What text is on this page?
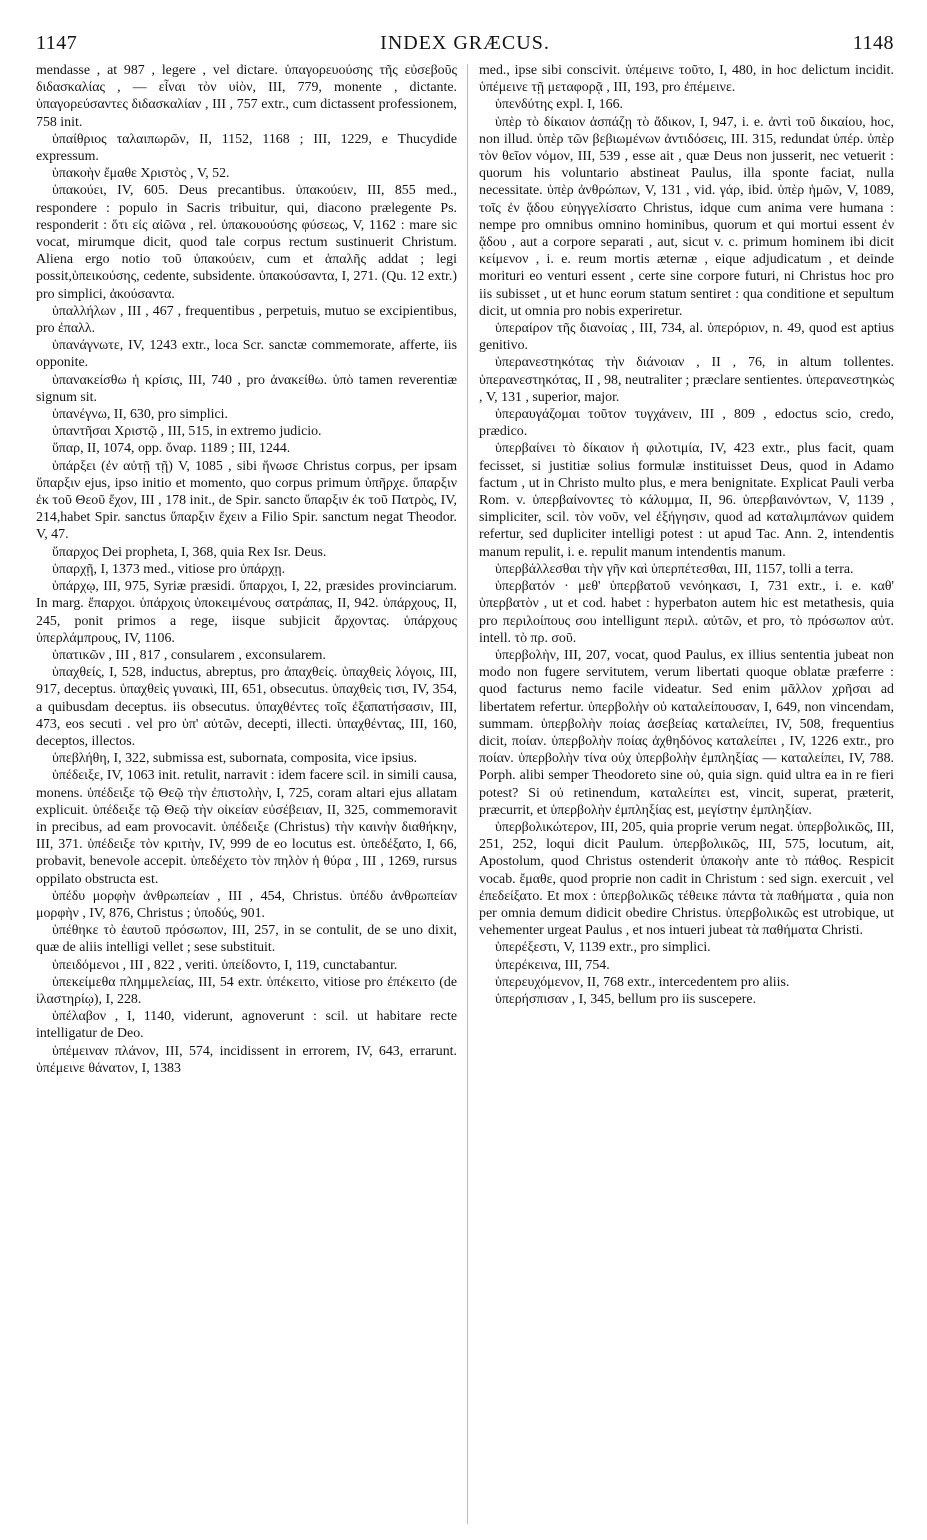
1147	INDEX GRÆCUS.	1148

mendasse , at 987 , legere , vel dictare. ὑπαγορευούσης τῆς εὐσεβοῦς διδασκαλίας , — εἶναι τὸν υἱὸν, III, 779, monente , dictante. ὑπαγορεύσαντες διδασκαλίαν , III , 757 extr., cum dictassent professionem, 758 init.

ὑπαίθριος ταλαιπωρῶν, II, 1152, 1168 ; III, 1229, e Thucydide expressum.

ὑπακοὴν ἔμαθε Χριστὸς , V, 52.

ὑπακούει, IV, 605. Deus precantibus. ὑπακούειν, III, 855 med., respondere : populo in Sacris tribuitur, qui, diacono prælegente Ps. responderit : ὅτι εἰς αἰῶνα , rel. ὑπακουούσης φύσεως, V, 1162 : mare sic vocat, mirumque dicit, quod tale corpus rectum sustinuerit Christum. Aliena ergo notio τοῦ ὑπακούειν, cum et ἁπαλῆς addat ; legi possit,ὑπεικούσης, cedente, subsidente. ὑπακούσαντα, I, 271. (Qu. 12 extr.) pro simplici, ἀκούσαντα.

ὑπαλλήλων , III , 467 , frequentibus , perpetuis, mutuo se excipientibus, pro ἐπαλλ.

ὑπανάγνωτε, IV, 1243 extr., loca Scr. sanctæ commemorate, afferte, iis opponite.

ὑπανακείσθω ἡ κρίσις, III, 740 , pro ἀνακείθω. ὑπὸ tamen reverentiæ signum sit.

ὑπανέγνω, II, 630, pro simplici.

ὑπαντῆσαι Χριστῷ , III, 515, in extremo judicio.

ὕπαρ, II, 1074, opp. ὄναρ. 1189 ; III, 1244.

ὑπάρξει (ἐν αὐτῇ τῇ) V, 1085 , sibi ἥνωσε Christus corpus, per ipsam ὕπαρξιν ejus, ipso initio et momento, quo corpus primum ὑπῆρχε. ὕπαρξιν ἐκ τοῦ Θεοῦ ἔχον, III , 178 init., de Spir. sancto ὕπαρξιν ἐκ τοῦ Πατρὸς, IV, 214,habet Spir. sanctus ὕπαρξιν ἔχειν a Filio Spir. sanctum negat Theodor. V, 47.

ὕπαρχος Dei propheta, I, 368, quia Rex Isr. Deus.

ὑπαρχῇ, I, 1373 med., vitiose pro ὑπάρχῃ.

ὑπάρχῳ, III, 975, Syriæ præsidi. ὕπαρχοι, I, 22, præsides provinciarum. In marg. ἔπαρχοι. ὑπάρχοις ὑποκειμένους σατράπας, II, 942. ὑπάρχους, II, 245, ponit primos a rege, iisque subjicit ἄρχοντας. ὑπάρχους ὑπερλάμπρους, IV, 1106.

ὑπατικῶν , III , 817 , consularem , exconsularem.

ὑπαχθείς, I, 528, inductus, abreptus, pro ἀπαχθείς. ὑπαχθεὶς λόγοις, III, 917, deceptus. ὑπαχθεὶς γυναικὶ, III, 651, obsecutus. ὑπαχθεὶς τισι, IV, 354, a quibusdam deceptus. iis obsecutus. ὑπαχθέντες τοῖς ἐξαπατήσασιν, III, 473, eos secuti . vel pro ὑπ' αὐτῶν, decepti, illecti. ὑπαχθέντας, III, 160, deceptos, illectos.

ὑπεβλήθη, I, 322, submissa est, subornata, composita, vice ipsius.

ὑπέδειξε, IV, 1063 init. retulit, narravit : idem facere scil. in simili causa, monens. ὑπέδειξε τῷ Θεῷ τὴν ἐπιστολὴν, I, 725, coram altari ejus allatam explicuit. ὑπέδειξε τῷ Θεῷ τὴν οἰκείαν εὐσέβειαν, II, 325, commemoravit in precibus, ad eam provocavit. ὑπέδειξε (Christus) τὴν καινὴν διαθήκην, III, 371. ὑπέδειξε τὸν κριτὴν, IV, 999 de eo locutus est. ὑπεδέξατο, I, 66, probavit, benevole accepit. ὑπεδέχετο τὸν πηλὸν ἡ θύρα , III , 1269, rursus oppilato obstructa est.

ὑπέδυ μορφὴν ἀνθρωπείαν , III , 454, Christus. ὑπέδυ ἀνθρωπείαν μορφὴν , IV, 876, Christus ; ὑποδύς, 901.

ὑπέθηκε τὸ ἑαυτοῦ πρόσωπον, III, 257, in se contulit, de se uno dixit, quæ de aliis intelligi vellet ; sese substituit.

ὑπειδόμενοι , III , 822 , veriti. ὑπείδοντο, I, 119, cunctabantur.

ὑπεκείμεθα πλημμελείας, III, 54 extr. ὑπέκειτο, vitiose pro ἐπέκειτο (de ἱλαστηρίῳ), I, 228.

ὑπέλαβον , I, 1140, viderunt, agnoverunt : scil. ut habitare recte intelligatur de Deo.

ὑπέμειναν πλάνον, III, 574, incidissent in errorem, IV, 643, errarunt. ὑπέμεινε θάνατον, I, 1383

med., ipse sibi conscivit. ὑπέμεινε τοῦτο, I, 480, in hoc delictum incidit. ὑπέμεινε τῇ μεταφορᾷ , III, 193, pro ἐπέμεινε.

ὑπενδύτης expl. I, 166.

ὑπὲρ τὸ δίκαιον ἀσπάζῃ τὸ ἄδικον, I, 947, i. e. ἀντὶ τοῦ δικαίου, hoc, non illud. ὑπὲρ τῶν βεβιωμένων ἀντιδόσεις, III. 315, redundat ὑπέρ. ὑπὲρ τὸν θεῖον νόμον, III, 539 , esse ait , quæ Deus non jusserit, nec vetuerit : quorum his voluntario abstineat Paulus, illa sponte faciat, nulla necessitate. ὑπὲρ ἀνθρώπων, V, 131 , vid. γάρ, ibid. ὑπὲρ ἡμῶν, V, 1089, τοῖς ἐν ᾅδου εὐηγγελίσατο Christus, idque cum anima vere humana : nempe pro omnibus omnino hominibus, quorum et qui mortui essent ἐν ᾅδου , aut a corpore separati , aut, sicut v. c. primum hominem ibi dicit κείμενον , i. e. reum mortis æternæ , eique adjudicatum , et deinde morituri eo venturi essent , certe sine corpore futuri, ni Christus hoc pro iis subisset , ut et hunc eorum statum sentiret : qua conditione et sepultum dicit, ut omnia pro nobis experiretur.

ὑπεραίρον τῆς διανοίας , III, 734, al. ὑπερόριον, n. 49, quod est aptius genitivo.

ὑπερανεστηκότας τὴν διάνοιαν , II , 76, in altum tollentes. ὑπερανεστηκότας, II , 98, neutraliter ; præclare sentientes. ὑπερανεστηκὼς , V, 131 , superior, major.

ὑπεραυγάζομαι τοῦτον τυγχάνειν, III , 809 , edoctus scio, credo, prædico.

ὑπερβαίνει τὸ δίκαιον ἡ φιλοτιμία, IV, 423 extr., plus facit, quam fecisset, si justitiæ solius formulæ instituisset Deus, quod in Adamo factum , ut in Christo multo plus, e mera benignitate. Explicat Pauli verba Rom. v. ὑπερβαίνοντες τὸ κάλυμμα, II, 96. ὑπερβαινόντων, V, 1139 , simpliciter, scil. τὸν νοῦν, vel ἐξήγησιν, quod ad καταλιμπάνων quidem refertur, sed dupliciter intelligi potest : ut apud Tac. Ann. 2, intendentis manum repulit, i. e. repulit manum intendentis manum.

ὑπερβάλλεσθαι τὴν γῆν καὶ ὑπερπέτεσθαι, III, 1157, tolli a terra.

ὑπερβατόν · μεθ' ὑπερβατοῦ νενόηκασι, I, 731 extr., i. e. καθ' ὑπερβατὸν , ut et cod. habet : hyperbaton autem hic est metathesis, quia pro περιλοίπους σου intelligunt περιλ. αὐτῶν, et pro, τὸ πρόσωπον αὐτ. intell. τὸ πρ. σοῦ.

ὑπερβολὴν, III, 207, vocat, quod Paulus, ex illius sententia jubeat non modo non fugere servitutem, verum libertati quoque oblatæ præferre : quod facturus nemo facile videatur. Sed enim μᾶλλον χρῆσαι ad libertatem refertur. ὑπερβολὴν οὐ καταλείπουσαν, I, 649, non vincendam, summam. ὑπερβολὴν ποίας ἀσεβείας καταλείπει, IV, 508, frequentius dicit, ποίαν. ὑπερβολὴν ποίας ἀχθηδόνος καταλείπει , IV, 1226 extr., pro ποίαν. ὑπερβολὴν τίνα οὐχ ὑπερβολὴν ἐμπληξίας — καταλείπει, IV, 788. Porph. alibi semper Theodoreto sine οὐ, quia sign. quid ultra ea in re fieri potest? Si οὐ retinendum, καταλείπει est, vincit, superat, præterit, præcurrit, et ὑπερβολὴν ἐμπληξίας est, μεγίστην ἐμπληξίαν.

ὑπερβολικώτερον, III, 205, quia proprie verum negat. ὑπερβολικῶς, III, 251, 252, loqui dicit Paulum. ὑπερβολικῶς, III, 575, locutum, ait, Apostolum, quod Christus ostenderit ὑπακοὴν ante τὸ πάθος. Respicit vocab. ἔμαθε, quod proprie non cadit in Christum : sed sign. exercuit , vel ἐπεδείξατο. Et mox : ὑπερβολικῶς τέθεικε πάντα τὰ παθήματα , quia non per omnia demum didicit obedire Christus. ὑπερβολικῶς est utrobique, ut vehementer urgeat Paulus , et nos intueri jubeat τὰ παθήματα Christi.

ὑπερέξεστι, V, 1139 extr., pro simplici.

ὑπερέκεινα, III, 754.

ὑπερευχόμενον, II, 768 extr., intercedentem pro aliis.

ὑπερήσπισαν , I, 345, bellum pro iis suscepere.
